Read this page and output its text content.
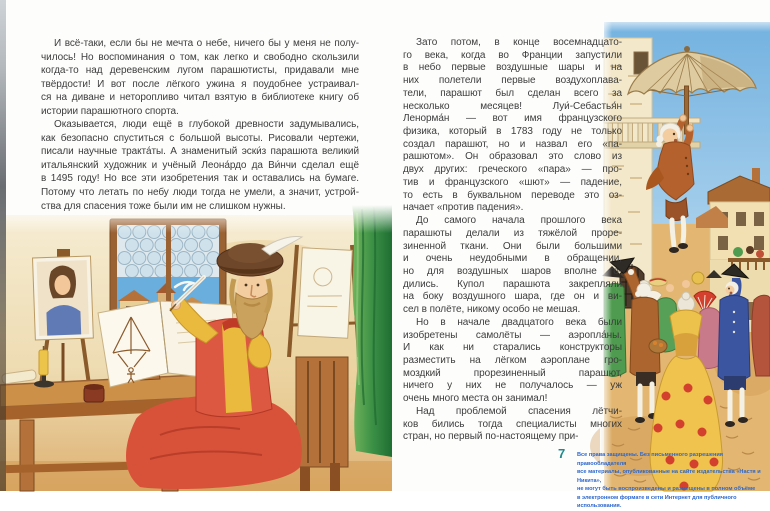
И всё-таки, если бы не мечта о небе, ничего бы у меня не полу-
чилось! Но воспоминания о том, как легко и свободно скользили
когда-то над деревенским лугом парашютисты, придавали мне
твёрдости! И вот после лёгкого ужина я поудобнее устраивал-
ся на диване и неторопливо читал взятую в библиотеке книгу об
истории парашютного спорта.
Оказывается, люди ещё в глубокой древности задумывались,
как безопасно спуститься с большой высоты. Рисовали чертежи,
писали научные тракта́ты. А знаменитый эски́з парашюта великий
итальянский художник и учёный Леона́рдо да Ви́нчи сделал ещё
в 1495 году! Но все эти изобретения так и оставались на бумаге.
Потому что летать по небу люди тогда не умели, а значит, устрой-
ства для спасения тоже были им не слишком нужны.
Зато потом, в конце восемнадцато-
го века, когда во Франции запустили
в небо первые воздушные шары и на
них полетели первые воздухоплава-
тели, парашют был сделан всего за
несколько месяцев! Луи́-Себастья́н
Ленорма́н — вот имя французского
физика, который в 1783 году не только
создал парашют, но и назвал его «па-
рашютом». Он образовал это слово из
двух других: греческого «пара» — про-
тив и французского «шют» — падение,
то есть в буквальном переводе это оз-
начает «против падения».
До самого начала прошлого века
парашюты делали из тяжёлой проре-
зиненной ткани. Они были большими
и очень неудобными в обращении,
но для воздушных шаров вполне го-
дились. Купол парашюта закрепляли
на боку воздушного шара, где он и ви-
сел в полёте, никому особо не мешая.
Но в начале двадцатого века были
изобретены самолёты — аэропла́ны.
И как ни старались конструкторы
разместить на лёгком аэроплане гро-
моздкий прорезиненный парашют,
ничего у них не получалось — уж
очень много места он занимал!
Над проблемой спасения лётчи-
ков бились тогда специалисты многих
стран, но первый по-настоящему при-
7 Все права защищены. Без письменного разрешения правообладателя
все материалы, опубликованные на сайте издательства «Настя и Никита»,
не могут быть воспроизведены и размещены в полном объёме
в электронном формате в сети Интернет для публичного использования.
